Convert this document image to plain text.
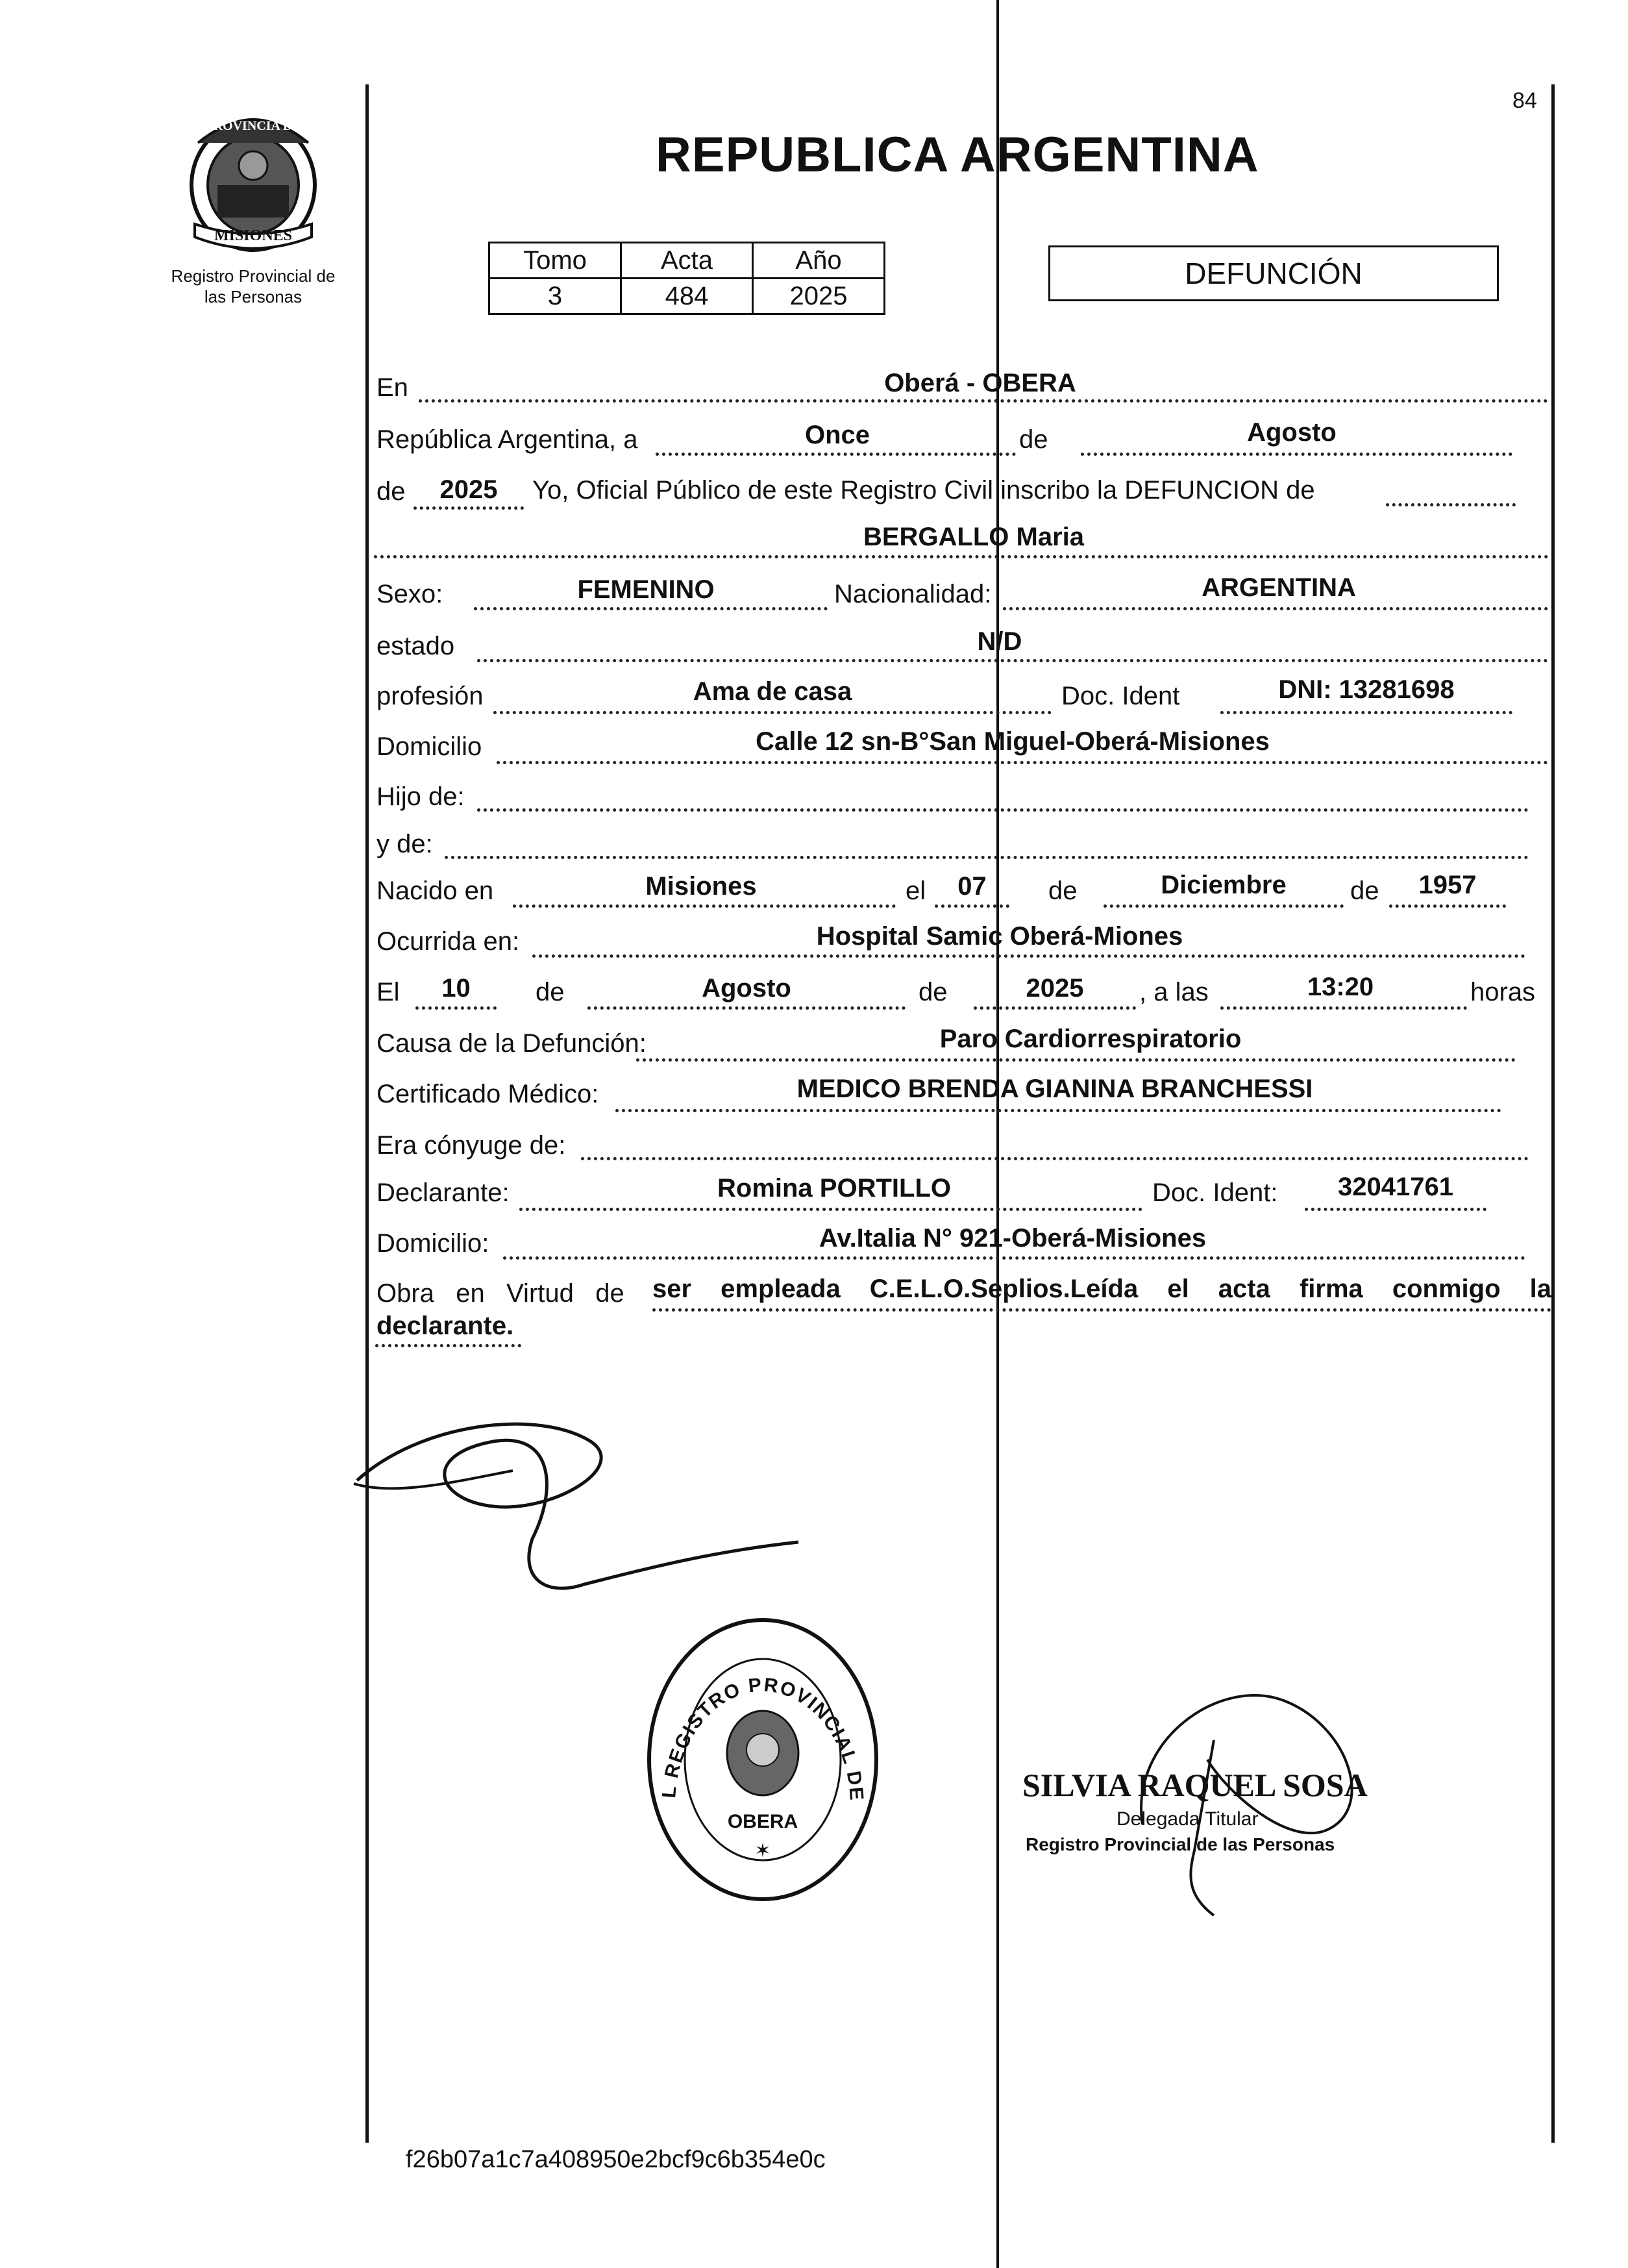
84
PROVINCIA DE
MISIONES
Registro Provincial de
las Personas
REPUBLICA ARGENTINA
Tomo	Acta	Año
3	484	2025
DEFUNCIÓN
En	Oberá - OBERA
República Argentina, a	Once	de	Agosto
de	2025	Yo, Oficial Público de este Registro Civil inscribo la DEFUNCION de
BERGALLO Maria
Sexo:	FEMENINO	Nacionalidad:	ARGENTINA
estado	N/D
profesión	Ama de casa	Doc. Ident	DNI: 13281698
Domicilio	Calle 12 sn-B°San Miguel-Oberá-Misiones
Hijo de:
y de:
Nacido en	Misiones	el	07	de	Diciembre	de	1957
Ocurrida en:	Hospital Samic Oberá-Miones
El	10	de	Agosto	de	2025	, a las	13:20	horas
Causa de la Defunción:	Paro Cardiorrespiratorio
Certificado Médico:	MEDICO BRENDA GIANINA BRANCHESSI
Era cónyuge de:
Declarante:	Romina PORTILLO	Doc. Ident:	32041761
Domicilio:	Av.Italia N° 921-Oberá-Misiones
Obra   en   Virtud   de ser empleada C.E.L.O.Seplios.Leída el acta firma conmigo la
declarante.
L REGISTRO PROVINCIAL DE
OBERA
✶
SILVIA RAQUEL SOSA
Delegada Titular
Registro Provincial de las Personas
f26b07a1c7a408950e2bcf9c6b354e0c
